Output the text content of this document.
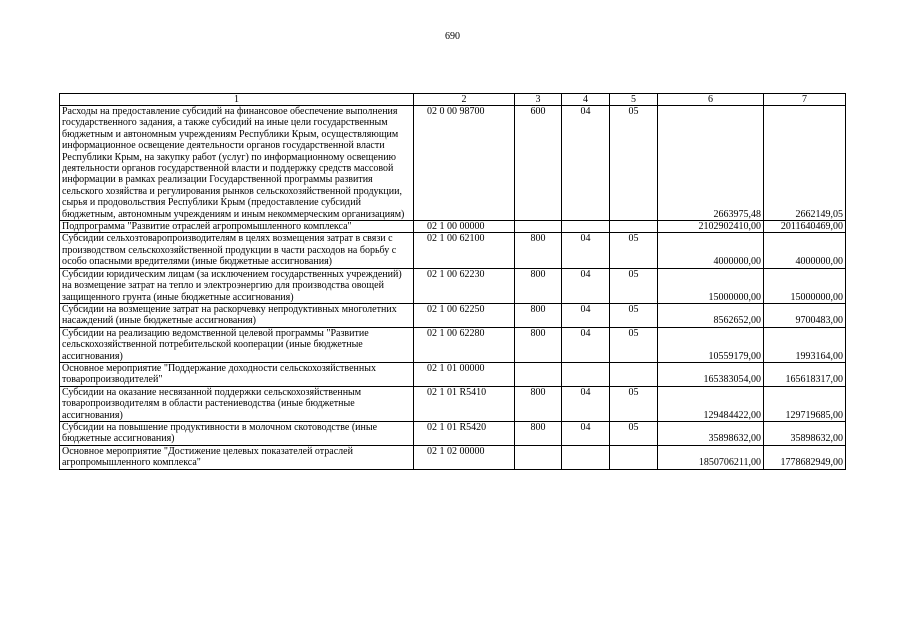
690
1	2	3	4	5	6	7
Расходы на предоставление субсидий на финансовое обеспечение выполнения государственного задания, а также субсидий на иные цели государственным бюджетным и автономным учреждениям Республики Крым, осуществляющим информационное освещение деятельности органов государственной власти Республики Крым, на закупку работ (услуг) по информационному освещению деятельности органов государственной власти и поддержку средств массовой информации в рамках реализации Государственной программы развития сельского хозяйства и регулирования рынков сельскохозяйственной продукции, сырья и продовольствия Республики Крым (предоставление субсидий бюджетным, автономным учреждениям и иным некоммерческим организациям)	02 0 00 98700	600	04	05	2663975,48	2662149,05
Подпрограмма "Развитие отраслей агропромышленного комплекса"	02 1 00 00000				2102902410,00	2011640469,00
Субсидии сельхозтоваропроизводителям в целях возмещения затрат в связи с производством сельскохозяйственной продукции в части расходов на борьбу с особо опасными вредителями (иные бюджетные ассигнования)	02 1 00 62100	800	04	05	4000000,00	4000000,00
Субсидии юридическим лицам (за исключением государственных учреждений) на возмещение затрат на тепло и электроэнергию для производства овощей защищенного грунта (иные бюджетные ассигнования)	02 1 00 62230	800	04	05	15000000,00	15000000,00
Субсидии на возмещение затрат на раскорчевку непродуктивных многолетних насаждений (иные бюджетные ассигнования)	02 1 00 62250	800	04	05	8562652,00	9700483,00
Субсидии на реализацию ведомственной целевой программы "Развитие сельскохозяйственной потребительской кооперации (иные бюджетные ассигнования)	02 1 00 62280	800	04	05	10559179,00	1993164,00
Основное мероприятие "Поддержание доходности сельскохозяйственных товаропроизводителей"	02 1 01 00000				165383054,00	165618317,00
Субсидии на оказание несвязанной поддержки сельскохозяйственным товаропроизводителям в области растениеводства (иные бюджетные ассигнования)	02 1 01 R5410	800	04	05	129484422,00	129719685,00
Субсидии на повышение продуктивности в молочном скотоводстве (иные бюджетные ассигнования)	02 1 01 R5420	800	04	05	35898632,00	35898632,00
Основное мероприятие "Достижение целевых показателей отраслей агропромышленного комплекса"	02 1 02 00000				1850706211,00	1778682949,00
